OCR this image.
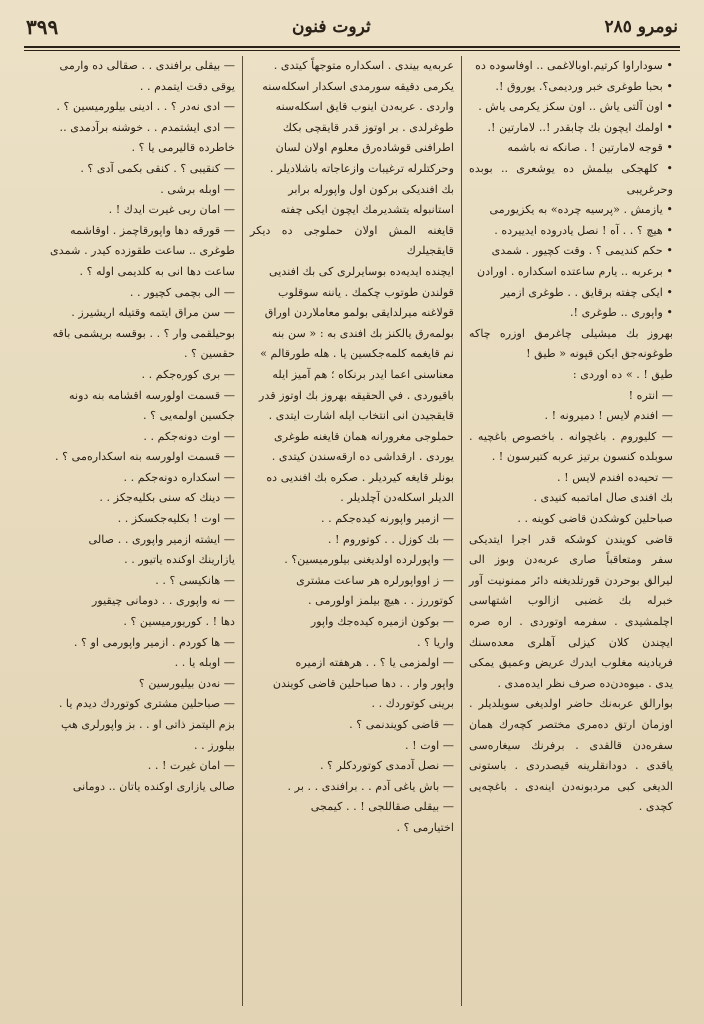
نومرو ٢٨٥
ثروت فنون
٣٩٩

• سوداراوا كرتيم.اوبالاغمى .. اوفاسوده ده

• بحبا طوغرى خبر ورديمى؟. يوروق !.

• اون آلتى ياش .. اون سكز يكرمى ياش .

• اولمك ايچون بك چابقدر !.. لامارتين !.

• قوجه لامارتين ! . صانكه نه باشمه

• كلهجكى بيلمش ده يوشعرى .. بوبده وحرغريبى

• يازمش . «پرسيه چرده» به يكزيورمى

• هيچ ؟ . . آه ! نصل يادروده ايدييرده .

• حكم كنديمى ؟ . وقت كچيور . شمدى

• برعربه .. يارم ساعتده اسكداره . اورادن

• ايكى چفته برقايق . . طوغرى ازمير

• واپورى .. طوغرى !.

بهروز بك ميشيلى چاغرمق اوزره چاكه طوغونه‌جق ايكن قپونه « طيق !

طيق ! . » ده اوردى :

— انتره !

— افندم لايس ! دميرونه ! .

— كليوروم . باغچوانه . باخصوص باغچيه . سوبلده كنسون برتيز عربه كتيرسون ! .

— تحيه‌ده افندم لايس ! .

بك افندى صال اماتمبه كنيدى .

صباحلين كوشكدن قاضى كوينه . .

قاضى كويندن كوشكه قدر اجرا ايتديكى سفر ومتعاقباً صارى عربه‌دن وبوز الى ليرالق بوحردن قورتلديغنه دائر ممنونيت آور خبرله بك غضبى ازالوب اشتهاسى اچلمشيدى . سفرمه اوتوردى . اره صره ايچندن كلان كيزلى آهلرى معده‌سنك فريادينه مغلوب ايدرك عريض وعميق يمكى يدى . ميوه‌دن‌ده صرف نظر ايده‌مدى .

بوارالق عربه‌نك حاضر اولديغى سويلديلر . اوزمان ارتق ده‌مرى مختصر كچه‌رك همان سفره‌دن قالقدى . برفرنك سيغاره‌سى ياقدى . دودانقلرينه قيصدردى . باستونى الديغى كبى مردبونه‌دن اينه‌دى . باغچه‌يى كچدى .

عربه‌يه بيندى . اسكداره متوجهاً كيتدى .

يكرمى دقيقه سورمدى اسكدار اسكله‌سنه

واردى . عربه‌دن اينوب قايق اسكله‌سنه

طوغرلدى . بر اوتوز قدر قايقچى بكك

اطرافنى قوشاده‌رق معلوم اولان لسان

وحركتلرله ترغيبات وازعاجاته باشلاديلر .

بك افنديكى بركون اول واپورله برابر

استانبوله يتشديرمك ايچون ايكى چفته

قايغنه المش اولان حملوجى ده ديكر قايقجيلرك

ايچنده ايديه‌ده بوسايرلرى كى بك افنديى

قولندن طوتوب چكمك . ياننه سوقلوب

قولاغنه ميرلدايقى بولمو معاملاردن اوراق

بولمه‌رق يالكنز بك افندى به : « سن بنه

نم قايغمه كلمه‌جكسين يا . هله طورقالم »

معناسنى اعما ايدر برنكاه ؛ هم آميز ايله

باقيوردى . في الحقيقه بهروز بك اوتوز قدر

قايقجيدن انى انتخاب ايله اشارت ايتدى .

حملوجى مغرورانه همان قايغنه طوغرى

يوردى . ارقداشى ده ارقه‌سندن كيتدى .

بونلر قايغه كيرديلر . صكره بك افنديى ده

الديلر اسكله‌دن آچلديلر .

— ازمير واپورنه كيده‌جكم . .

— بك كوزل . . كوتوروم ! .

— واپورلرده اولديغنى بيلورميسين؟ .

— ز اوواپورلره هر ساعت مشترى

كوتوررز . . هيچ بيلمز اولورمى .

— بوكون ازميره كيده‌جك واپور

واريا ؟ .

— اولمزمى يا ؟ . . هرهفته ازميره

واپور وار . . دها صباحلين قاضى كويندن

برينى كوتوردك . .

— قاضى كويندنمى ؟ .

— اوت ! .

— نصل آدمدى كوتوردكلر ؟ .

— باش ياغى آدم . . برافندى . . بر .

— بيقلى صقاللجى ! . . كيمجى

اختيارمى ؟ .

— بيقلى برافندى . . صقالى ده وارمى

يوقى دقت ايتمدم . .

— ادى نه‌در ؟ . . ادينى بيلورميسين ؟ .

— ادى ايشتمدم . . خوشنه برآدمدى ..

خاطرده قاليرمى يا ؟ .

— كنقيبى ؟ . كنقى بكمى آدى ؟ .

— اوبله برشى .

— امان ربى غيرت ايدك ! .

— قورقه دها واپورقاچمز . اوقاشمه

طوغرى .. ساعت طقوزده كيدر . شمدى

ساعت دها انى به كلديمى اوله ؟ .

— الى بچمى كچيور . .

— سن مراق ايتمه وقتيله اريشيرز .

بوحيلقمى وار ؟ . . بوقسه بريشمى باقه

حقسين ؟ .

— برى كوره‌جكم . .

— قسمت اولورسه اقشامه بنه دونه

جكسين اولمه‌يى ؟ .

— اوت دونه‌جكم . .

— قسمت اولورسه بنه اسكداره‌مى ؟ .

— اسكداره دونه‌جكم . .

— دينك كه سنى بكليه‌جكز . .

— اوت ! بكليه‌جكسكز . .

— ايشته ازمير واپورى . . صالى

يازارينك اوكنده ياتيور . .

— هانكيسى ؟ . .

— نه واپورى . . دومانى چيقيور

دها ! . كوريورميسين ؟ .

— ها كوردم . ازمير واپورمى او ؟ .

— اوبله يا . .

— نه‌دن بيليورسين ؟

— صباحلين مشترى كوتوردك ديدم يا .

بزم اليتمز ذاتى او . . بز واپورلرى هپ

بيلورز . .

— امان غيرت ! . .

صالى يازارى اوكنده ياتان .. دومانى
